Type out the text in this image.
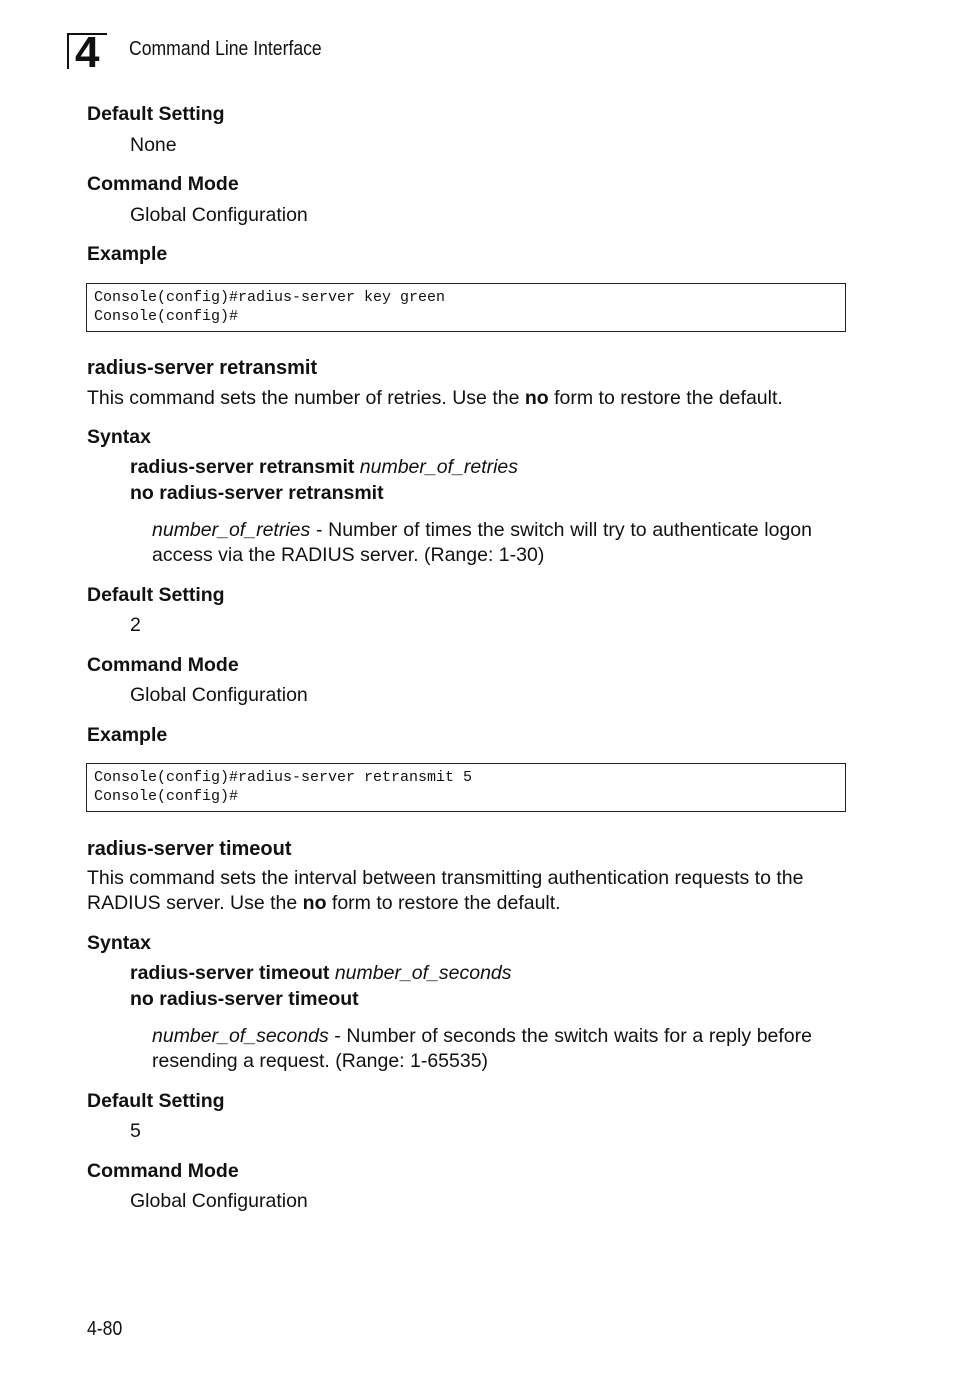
4	Command Line Interface
Default Setting
None
Command Mode
Global Configuration
Example
Console(config)#radius-server key green
Console(config)#
radius-server retransmit
This command sets the number of retries. Use the no form to restore the default.
Syntax
radius-server retransmit number_of_retries
no radius-server retransmit
number_of_retries - Number of times the switch will try to authenticate logon access via the RADIUS server. (Range: 1-30)
Default Setting
2
Command Mode
Global Configuration
Example
Console(config)#radius-server retransmit 5
Console(config)#
radius-server timeout
This command sets the interval between transmitting authentication requests to the
RADIUS server. Use the no form to restore the default.
Syntax
radius-server timeout number_of_seconds
no radius-server timeout
number_of_seconds - Number of seconds the switch waits for a reply before resending a request. (Range: 1-65535)
Default Setting
5
Command Mode
Global Configuration
4-80
